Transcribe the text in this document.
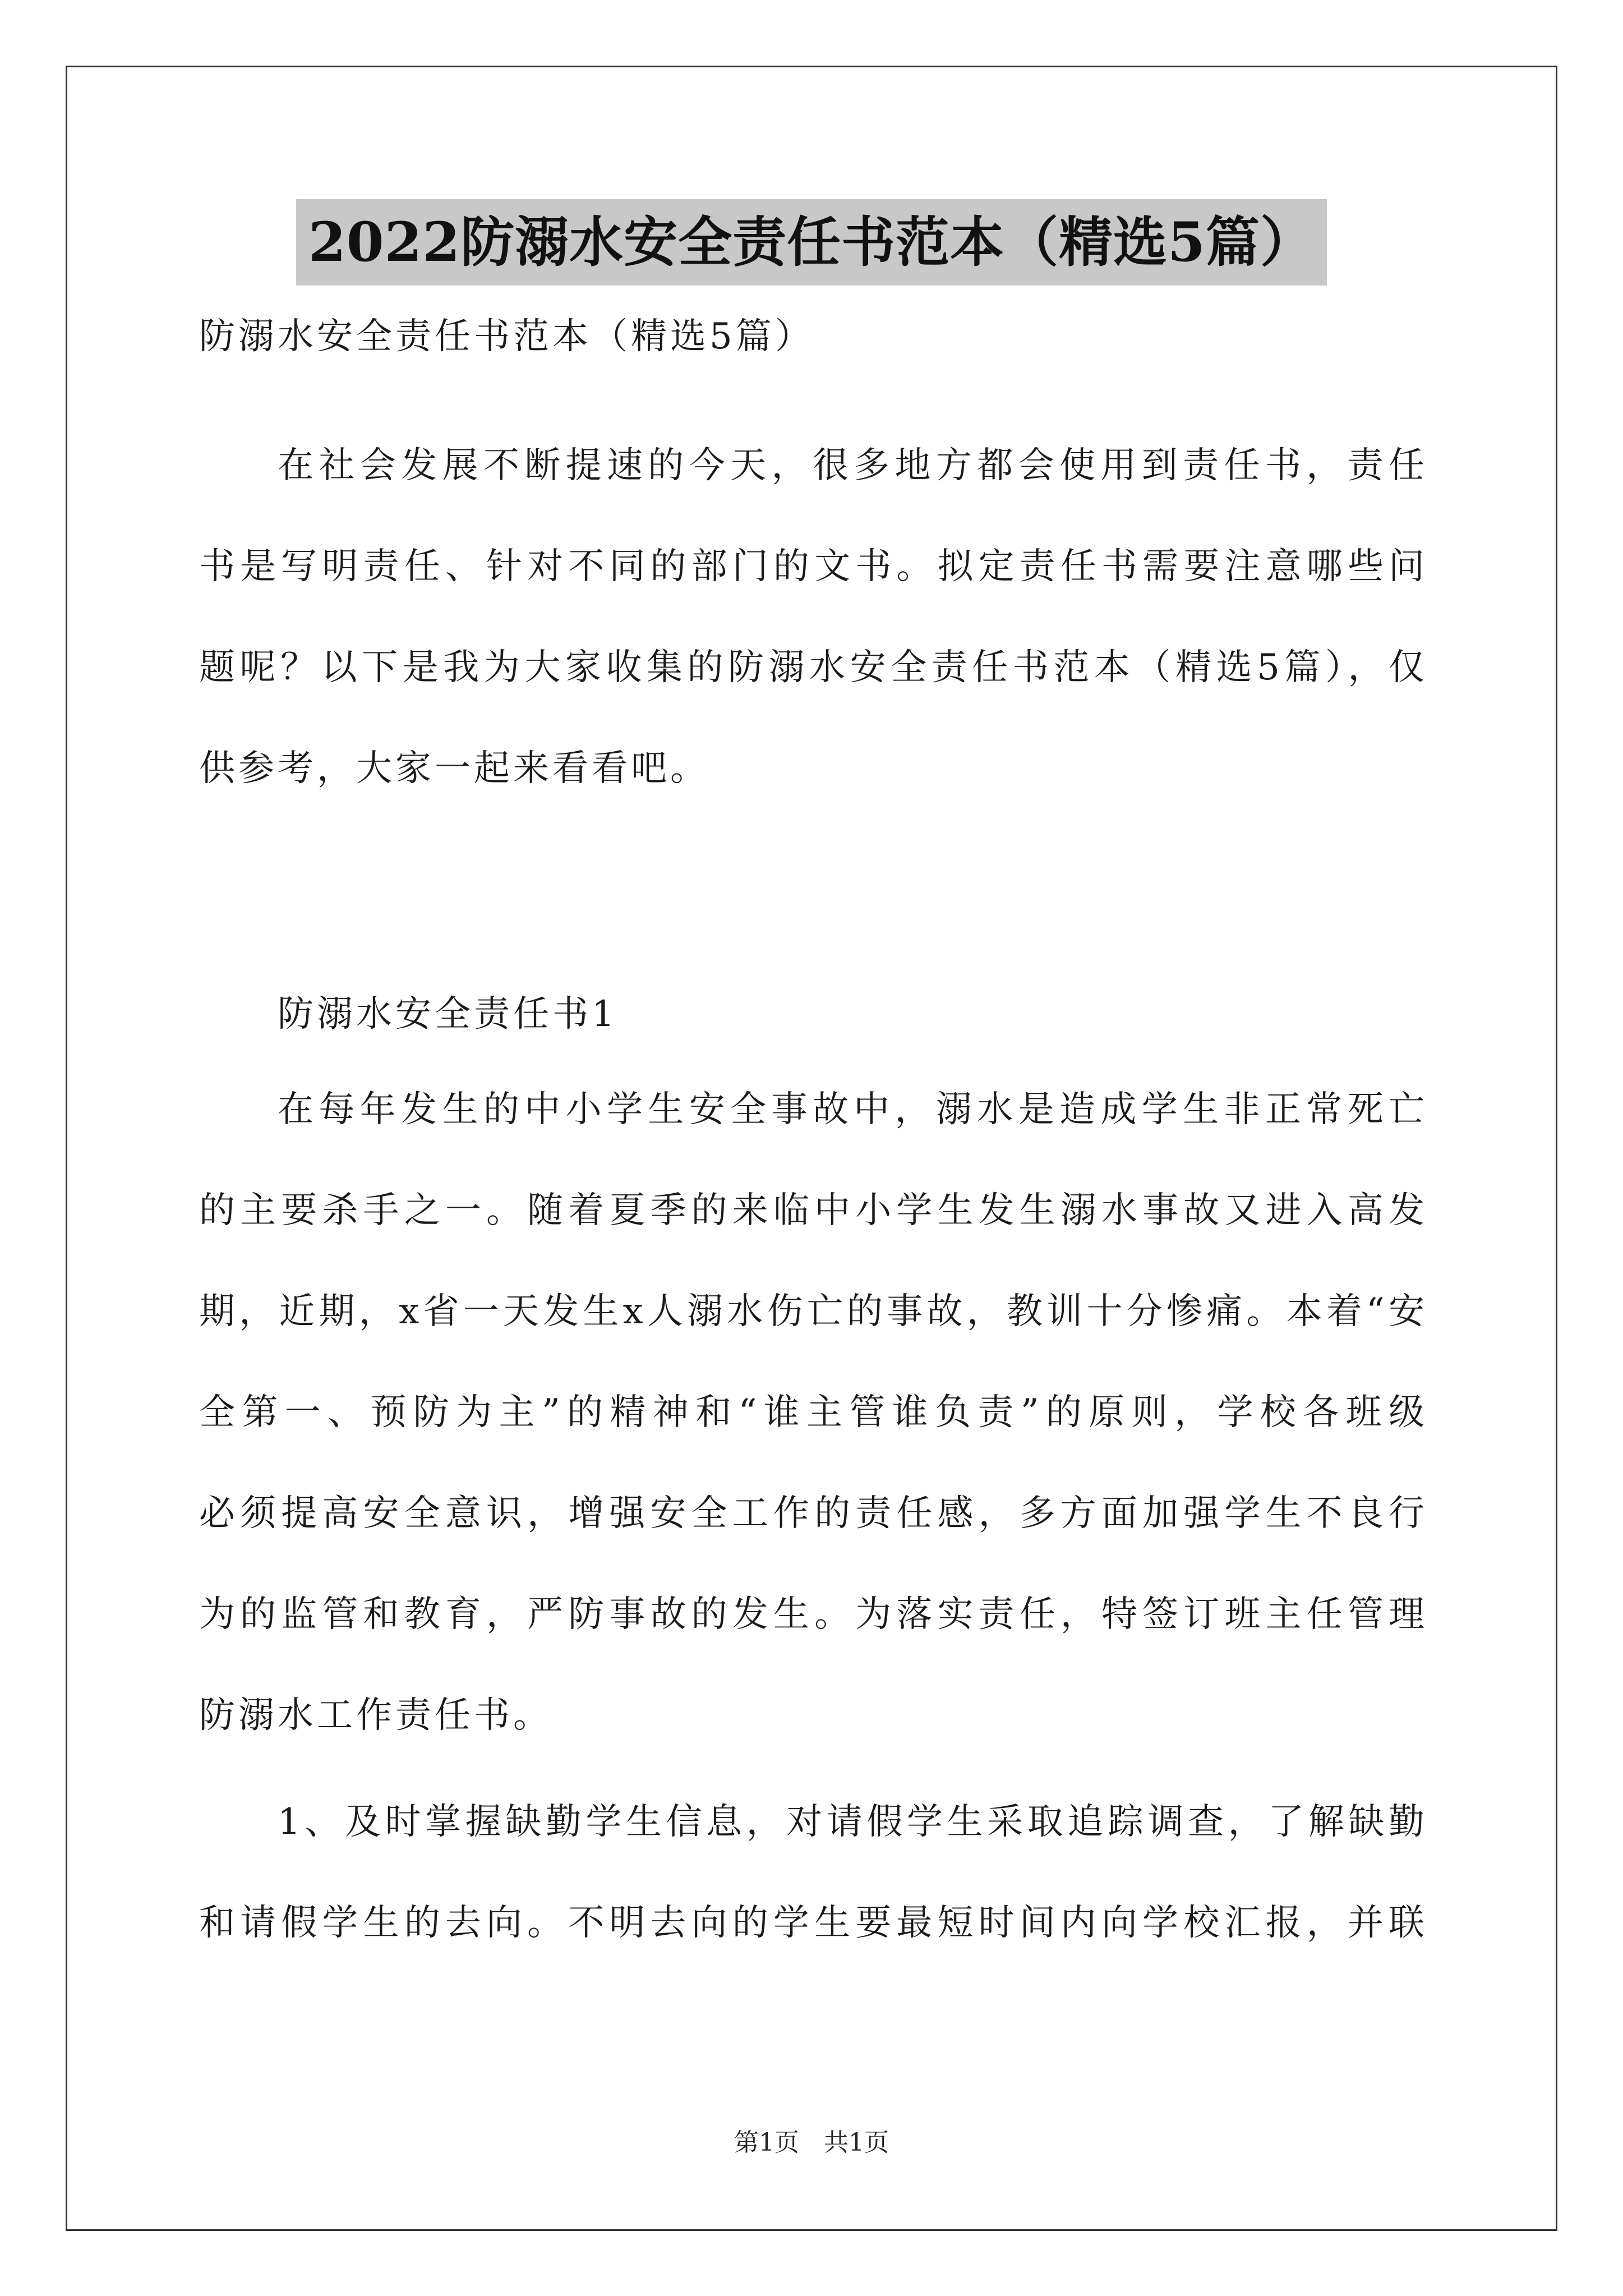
2022防溺水安全责任书范本（精选5篇）
防溺水安全责任书范本（精选5篇）
在社会发展不断提速的今天，很多地方都会使用到责任书，责任
书是写明责任、针对不同的部门的文书。拟定责任书需要注意哪些问
题呢？以下是我为大家收集的防溺水安全责任书范本（精选5篇），仅
供参考，大家一起来看看吧。
防溺水安全责任书1
在每年发生的中小学生安全事故中，溺水是造成学生非正常死亡
的主要杀手之一。随着夏季的来临中小学生发生溺水事故又进入高发
期，近期，x省一天发生x人溺水伤亡的事故，教训十分惨痛。本着“安
全第一、预防为主”的精神和“谁主管谁负责”的原则，学校各班级
必须提高安全意识，增强安全工作的责任感，多方面加强学生不良行
为的监管和教育，严防事故的发生。为落实责任，特签订班主任管理
防溺水工作责任书。
1、及时掌握缺勤学生信息，对请假学生采取追踪调查，了解缺勤
和请假学生的去向。不明去向的学生要最短时间内向学校汇报，并联
第1页　共1页
